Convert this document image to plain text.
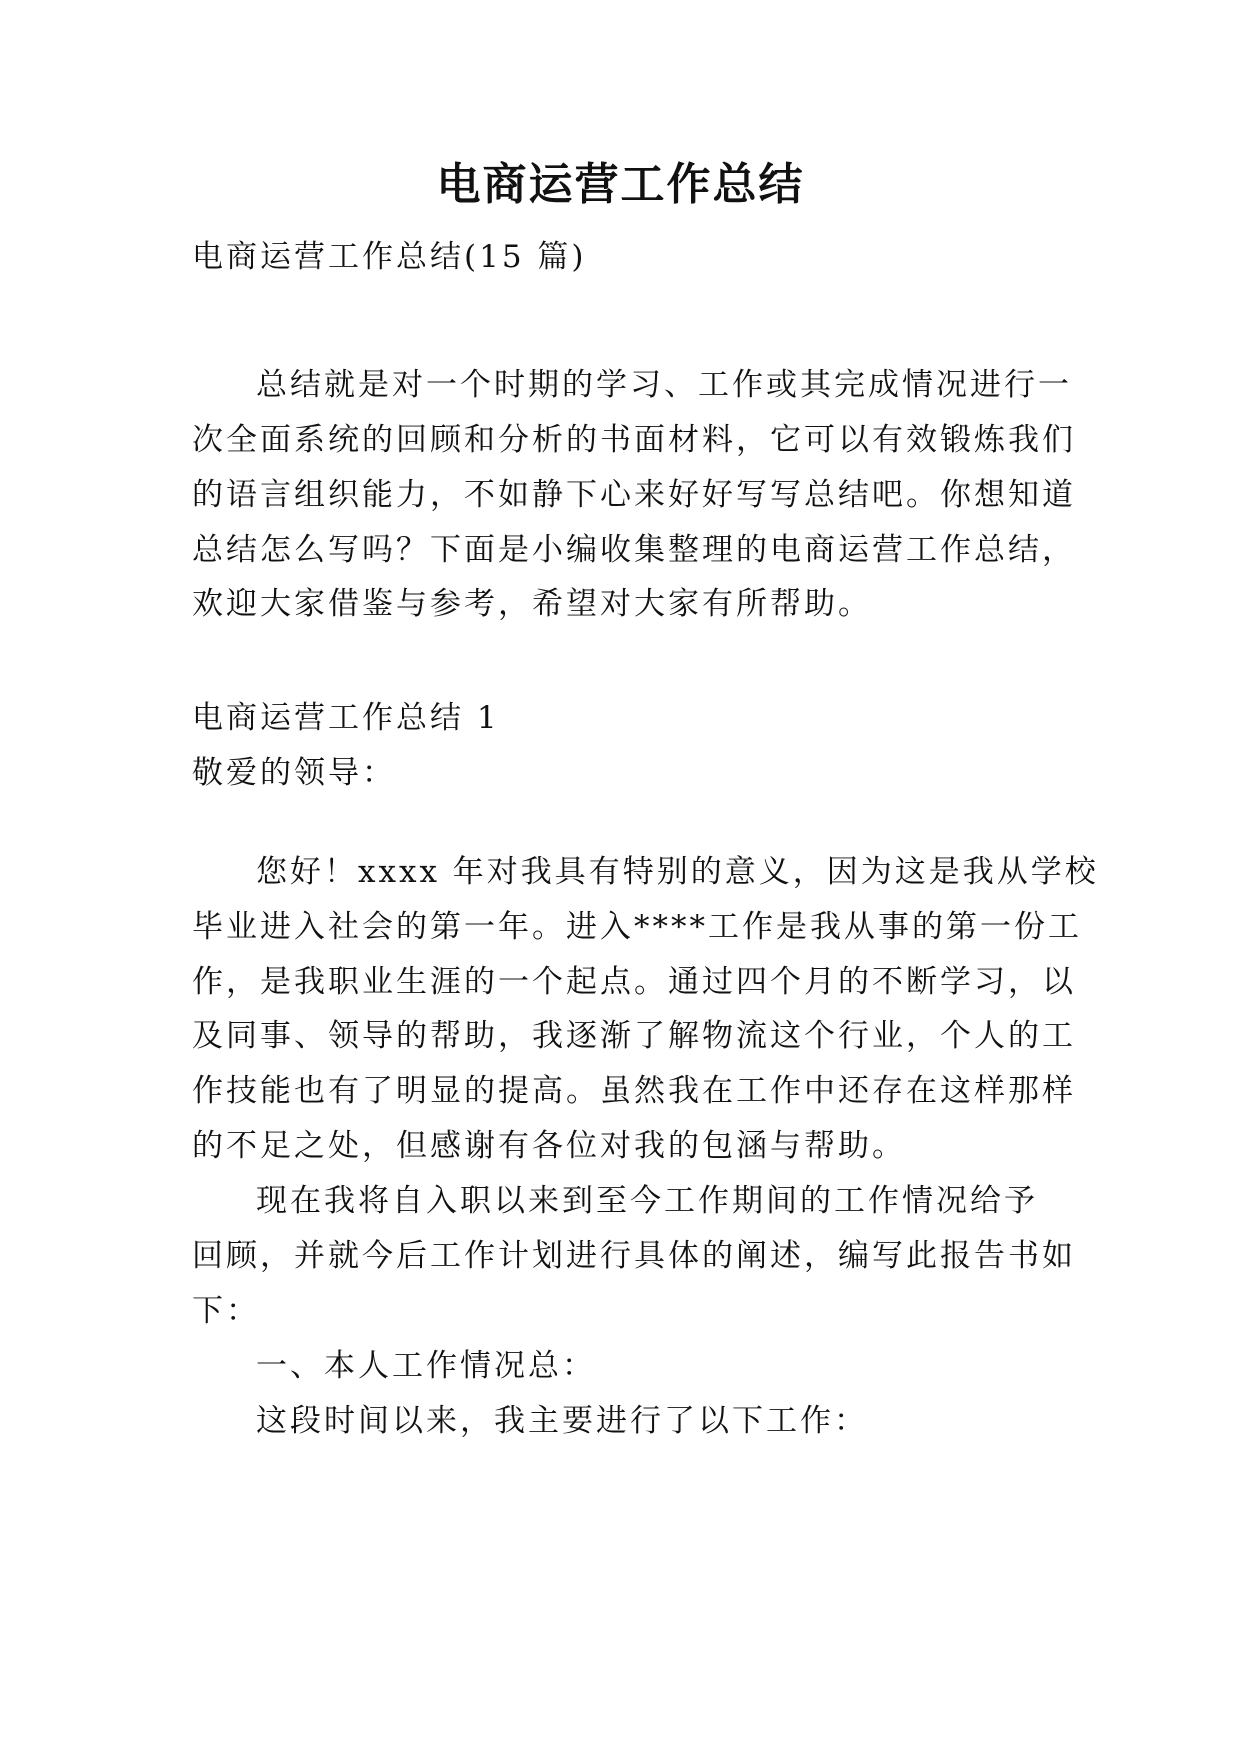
电商运营工作总结

电商运营工作总结(15 篇)

总结就是对一个时期的学习、工作或其完成情况进行一

次全面系统的回顾和分析的书面材料，它可以有效锻炼我们

的语言组织能力，不如静下心来好好写写总结吧。你想知道

总结怎么写吗？下面是小编收集整理的电商运营工作总结，

欢迎大家借鉴与参考，希望对大家有所帮助。

电商运营工作总结 1

敬爱的领导：

您好！xxxx 年对我具有特别的意义，因为这是我从学校

毕业进入社会的第一年。进入****工作是我从事的第一份工

作，是我职业生涯的一个起点。通过四个月的不断学习，以

及同事、领导的帮助，我逐渐了解物流这个行业，个人的工

作技能也有了明显的提高。虽然我在工作中还存在这样那样

的不足之处，但感谢有各位对我的包涵与帮助。

现在我将自入职以来到至今工作期间的工作情况给予

回顾，并就今后工作计划进行具体的阐述，编写此报告书如

下：

一、本人工作情况总：

这段时间以来，我主要进行了以下工作：
